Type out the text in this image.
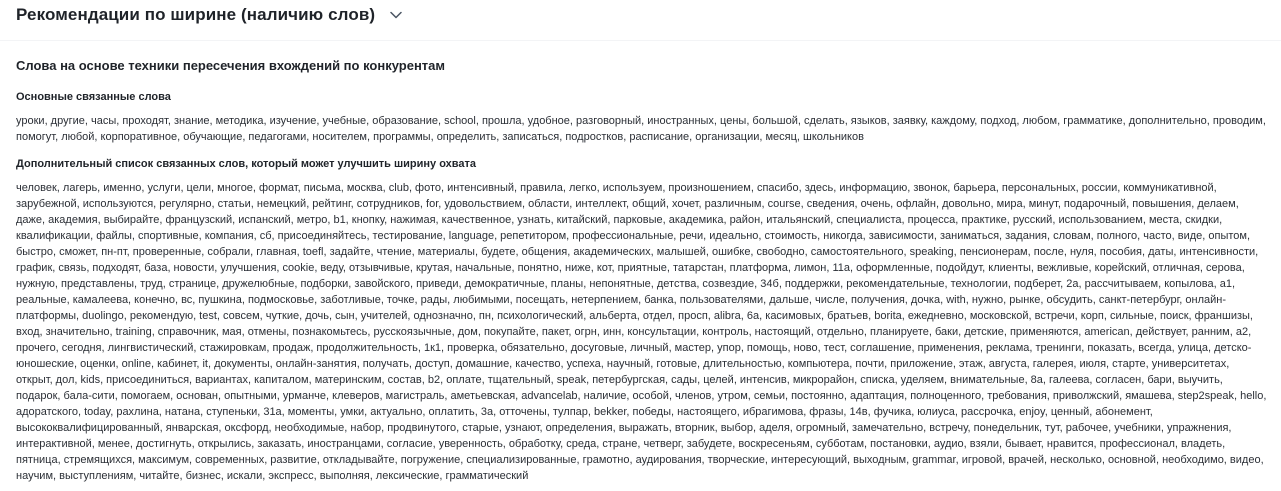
Рекомендации по ширине (наличию слов)
Слова на основе техники пересечения вхождений по конкурентам
Основные связанные слова
уроки, другие, часы, проходят, знание, методика, изучение, учебные, образование, school, прошла, удобное, разговорный, иностранных, цены, большой, сделать, языков, заявку, каждому, подход, любом, грамматике, дополнительно, проводим, помогут, любой, корпоративное, обучающие, педагогами, носителем, программы, определить, записаться, подростков, расписание, организации, месяц, школьников
Дополнительный список связанных слов, который может улучшить ширину охвата
человек, лагерь, именно, услуги, цели, многое, формат, письма, москва, club, фото, интенсивный, правила, легко, используем, произношением, спасибо, здесь, информацию, звонок, барьера, персональных, россии, коммуникативной, зарубежной, используются, регулярно, статьи, немецкий, рейтинг, сотрудников, for, удовольствием, области, интеллект, общий, хочет, различным, course, сведения, очень, офлайн, довольно, мира, минут, подарочный, повышения, делаем, даже, академия, выбирайте, французский, испанский, метро, b1, кнопку, нажимая, качественное, узнать, китайский, парковые, академика, район, итальянский, специалиста, процесса, практике, русский, использованием, места, скидки, квалификации, файлы, спортивные, компания, сб, присоединяйтесь, тестирование, language, репетитором, профессиональные, речи, идеально, стоимость, никогда, зависимости, заниматься, задания, словам, полного, часто, виде, опытом, быстро, сможет, пн-пт, проверенные, собрали, главная, toefl, задайте, чтение, материалы, будете, общения, академических, малышей, ошибке, свободно, самостоятельного, speaking, пенсионерам, после, нуля, пособия, даты, интенсивности, график, связь, подходят, база, новости, улучшения, cookie, веду, отзывчивые, крутая, начальные, понятно, ниже, кот, приятные, татарстан, платформа, лимон, 11а, оформленные, подойдут, клиенты, вежливые, корейский, отличная, серова, нужную, представлены, труд, странице, дружелюбные, подборки, завойского, приведи, демократичные, планы, непонятные, детства, созвездие, 34б, поддержки, рекомендательные, технологии, подберет, 2а, рассчитываем, копылова, a1, реальные, камалеева, конечно, вс, пушкина, подмосковье, заботливые, точке, рады, любимыми, посещать, нетерпением, банка, пользователями, дальше, числе, получения, дочка, with, нужно, рынке, обсудить, санкт-петербург, онлайн-платформы, duolingo, рекомендую, test, совсем, чуткие, дочь, сын, учителей, однозначно, пн, психологический, альберта, отдел, просп, alibra, 6а, касимовых, братьев, borita, ежедневно, московской, встречи, корп, сильные, поиск, франшизы, вход, значительно, training, справочник, мая, отмены, познакомьтесь, русскоязычные, дом, покупайте, пакет, огрн, инн, консультации, контроль, настоящий, отдельно, планируете, баки, детские, применяются, american, действует, ранним, а2, прочего, сегодня, лингвистический, стажировкам, продаж, продолжительность, 1к1, проверка, обязательно, досуговые, личный, мастер, упор, помощь, ново, тест, соглашение, применения, реклама, тренинги, показать, всегда, улица, детско-юношеские, оценки, online, кабинет, it, документы, онлайн-занятия, получать, доступ, домашние, качество, успеха, научный, готовые, длительностью, компьютера, почти, приложение, этаж, августа, галерея, июля, старте, университетах, открыт, дол, kids, присоединиться, вариантах, капиталом, материнским, состав, b2, оплате, тщательный, speak, петербургская, сады, целей, интенсив, микрорайон, списка, уделяем, внимательные, 8а, галеева, согласен, бари, выучить, подарок, бала-сити, помогаем, основан, опытными, урманче, клеверов, магистраль, аметьевская, advancelab, наличие, особой, членов, утром, семьи, постоянно, адаптация, полноценного, требования, приволжский, ямашева, step2speak, hello, адоратского, today, рахлина, натана, ступеньки, 31а, моменты, умки, актуально, оплатить, 3а, отточены, тулпар, bekker, победы, настоящего, ибрагимова, фразы, 14в, фучика, юлиуса, рассрочка, enjoy, ценный, абонемент, высококвалифицированный, январская, оксфорд, необходимые, набор, продвинутого, старые, узнают, определения, выражать, вторник, выбор, аделя, огромный, замечательно, встречу, понедельник, тут, рабочее, учебники, упражнения, интерактивной, менее, достигнуть, открылись, заказать, иностранцами, согласие, уверенность, обработку, среда, стране, четверг, забудете, воскресеньям, субботам, постановки, аудио, взяли, бывает, нравится, профессионал, владеть, пятница, стремящихся, максимум, современных, развитие, откладывайте, погружение, специализированные, грамотно, аудирования, творческие, интересующий, выходным, grammar, игровой, врачей, несколько, основной, необходимо, видео, научим, выступлениям, читайте, бизнес, искали, экспресс, выполняя, лексические, грамматический
